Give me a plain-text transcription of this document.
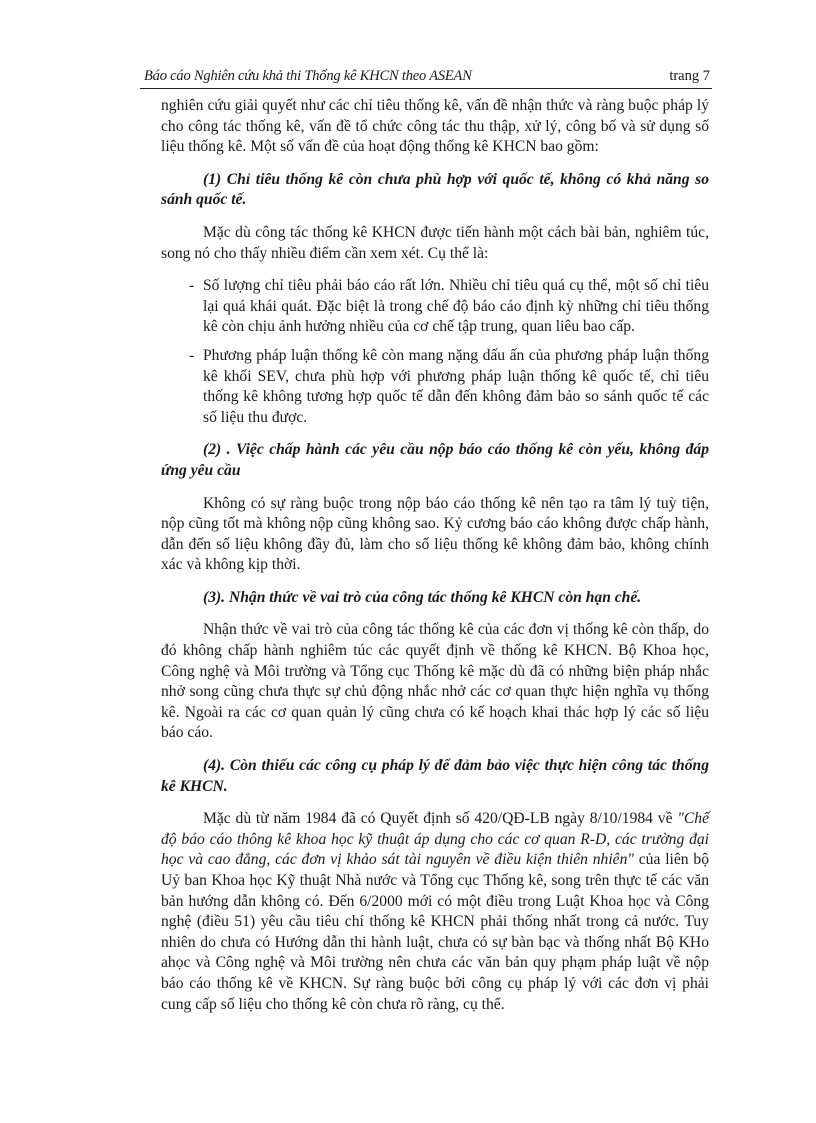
Báo cáo Nghiên cứu khả thi Thống kê KHCN theo ASEAN	trang 7

nghiên cứu giải quyết như các chỉ tiêu thống kê, vấn đề nhận thức và ràng buộc pháp lý cho công tác thống kê, vấn đề tổ chức công tác thu thập, xử lý, công bố và sử dụng số liệu thống kê. Một số vấn đề của hoạt động thống kê KHCN bao gồm:

(1) Chỉ tiêu thống kê còn chưa phù hợp với quốc tế, không có khả năng so sánh quốc tế.

Mặc dù công tác thống kê KHCN được tiến hành một cách bài bản, nghiêm túc, song nó cho thấy nhiều điểm cần xem xét. Cụ thể là:

- Số lượng chỉ tiêu phải báo cáo rất lớn. Nhiều chỉ tiêu quá cụ thể, một số chỉ tiêu lại quá khái quát. Đặc biệt là trong chế độ báo cáo định kỳ những chỉ tiêu thống kê còn chịu ảnh hưởng nhiều của cơ chế tập trung, quan liêu bao cấp.
- Phương pháp luận thống kê còn mang nặng dấu ấn của phương pháp luận thống kê khối SEV, chưa phù hợp với phương pháp luận thống kê quốc tế, chỉ tiêu thống kê không tương hợp quốc tế dẫn đến không đảm bảo so sánh quốc tế các số liệu thu được.

(2) . Việc chấp hành các yêu cầu nộp báo cáo thống kê còn yếu, không đáp ứng yêu cầu

Không có sự ràng buộc trong nộp báo cáo thống kê nên tạo ra tâm lý tuỳ tiện, nộp cũng tốt mà không nộp cũng không sao. Kỷ cương báo cáo không được chấp hành, dẫn đến số liệu không đầy đủ, làm cho số liệu thống kê không đảm bảo, không chính xác và không kịp thời.

(3). Nhận thức về vai trò của công tác thống kê KHCN còn hạn chế.

Nhận thức về vai trò của công tác thống kê của các đơn vị thống kê còn thấp, do đó không chấp hành nghiêm túc các quyết định về thống kê KHCN. Bộ Khoa học, Công nghệ và Môi trường và Tổng cục Thống kê mặc dù đã có những biện pháp nhắc nhở song cũng chưa thực sự chủ động nhắc nhở các cơ quan thực hiện nghĩa vụ thống kê. Ngoài ra các cơ quan quản lý cũng chưa có kế hoạch khai thác hợp lý các số liệu báo cáo.

(4). Còn thiếu các công cụ pháp lý để đảm bảo việc thực hiện công tác thống kê KHCN.

Mặc dù từ năm 1984 đã có Quyết định số 420/QĐ-LB ngày 8/10/1984 về "Chế độ báo cáo thông kê khoa học kỹ thuật áp dụng cho các cơ quan R-D, các trường đại học và cao đẳng, các đơn vị khảo sát tài nguyên về điều kiện thiên nhiên" của liên bộ Uỷ ban Khoa học Kỹ thuật Nhà nước và Tổng cục Thống kê, song trên thực tế các văn bản hướng dẫn không có. Đến 6/2000 mới có một điều trong Luật Khoa học và Công nghệ (điều 51) yêu cầu tiêu chí thống kê KHCN phải thống nhất trong cả nước. Tuy nhiên do chưa có Hướng dẫn thi hành luật, chưa có sự bàn bạc và thống nhất Bộ KHo ahọc và Công nghệ và Môi trường nên chưa các văn bản quy phạm pháp luật về nộp báo cáo thống kê về KHCN. Sự ràng buộc bởi công cụ pháp lý với các đơn vị phải cung cấp số liệu cho thống kê còn chưa rõ ràng, cụ thể.
